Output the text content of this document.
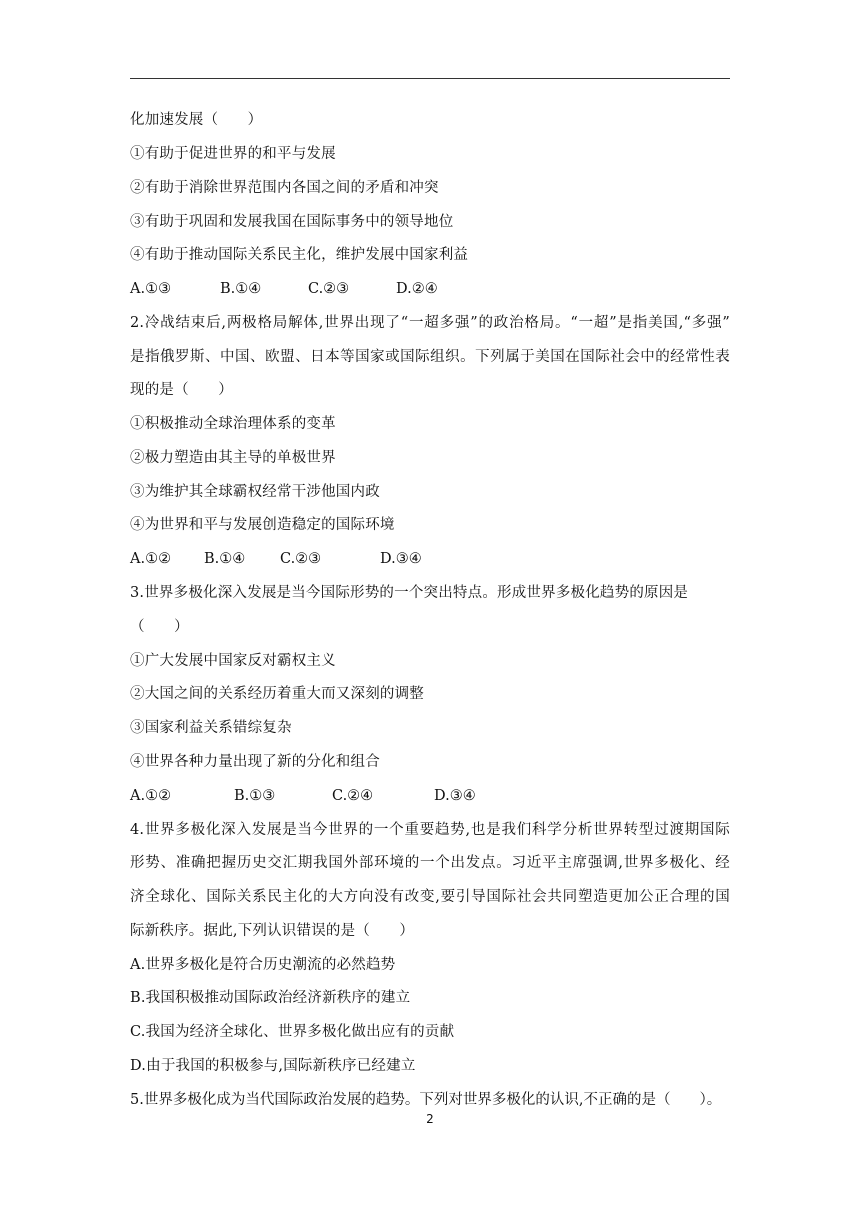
化加速发展（　　）
①有助于促进世界的和平与发展
②有助于消除世界范围内各国之间的矛盾和冲突
③有助于巩固和发展我国在国际事务中的领导地位
④有助于推动国际关系民主化，维护发展中国家利益
A.①③	B.①④	C.②③	D.②④
2.冷战结束后,两极格局解体,世界出现了“一超多强”的政治格局。“一超”是指美国,“多强”
是指俄罗斯、中国、欧盟、日本等国家或国际组织。下列属于美国在国际社会中的经常性表
现的是（　　）
①积极推动全球治理体系的变革
②极力塑造由其主导的单极世界
③为维护其全球霸权经常干涉他国内政
④为世界和平与发展创造稳定的国际环境
A.①② B.①④ C.②③	D.③④
3.世界多极化深入发展是当今国际形势的一个突出特点。形成世界多极化趋势的原因是
（　　）
①广大发展中国家反对霸权主义
②大国之间的关系经历着重大而又深刻的调整
③国家利益关系错综复杂
④世界各种力量出现了新的分化和组合
A.①②	B.①③	C.②④	D.③④
4.世界多极化深入发展是当今世界的一个重要趋势,也是我们科学分析世界转型过渡期国际
形势、准确把握历史交汇期我国外部环境的一个出发点。习近平主席强调,世界多极化、经
济全球化、国际关系民主化的大方向没有改变,要引导国际社会共同塑造更加公正合理的国
际新秩序。据此,下列认识错误的是（　　）
A.世界多极化是符合历史潮流的必然趋势
B.我国积极推动国际政治经济新秩序的建立
C.我国为经济全球化、世界多极化做出应有的贡献
D.由于我国的积极参与,国际新秩序已经建立
5.世界多极化成为当代国际政治发展的趋势。下列对世界多极化的认识,不正确的是（　　）。
2
